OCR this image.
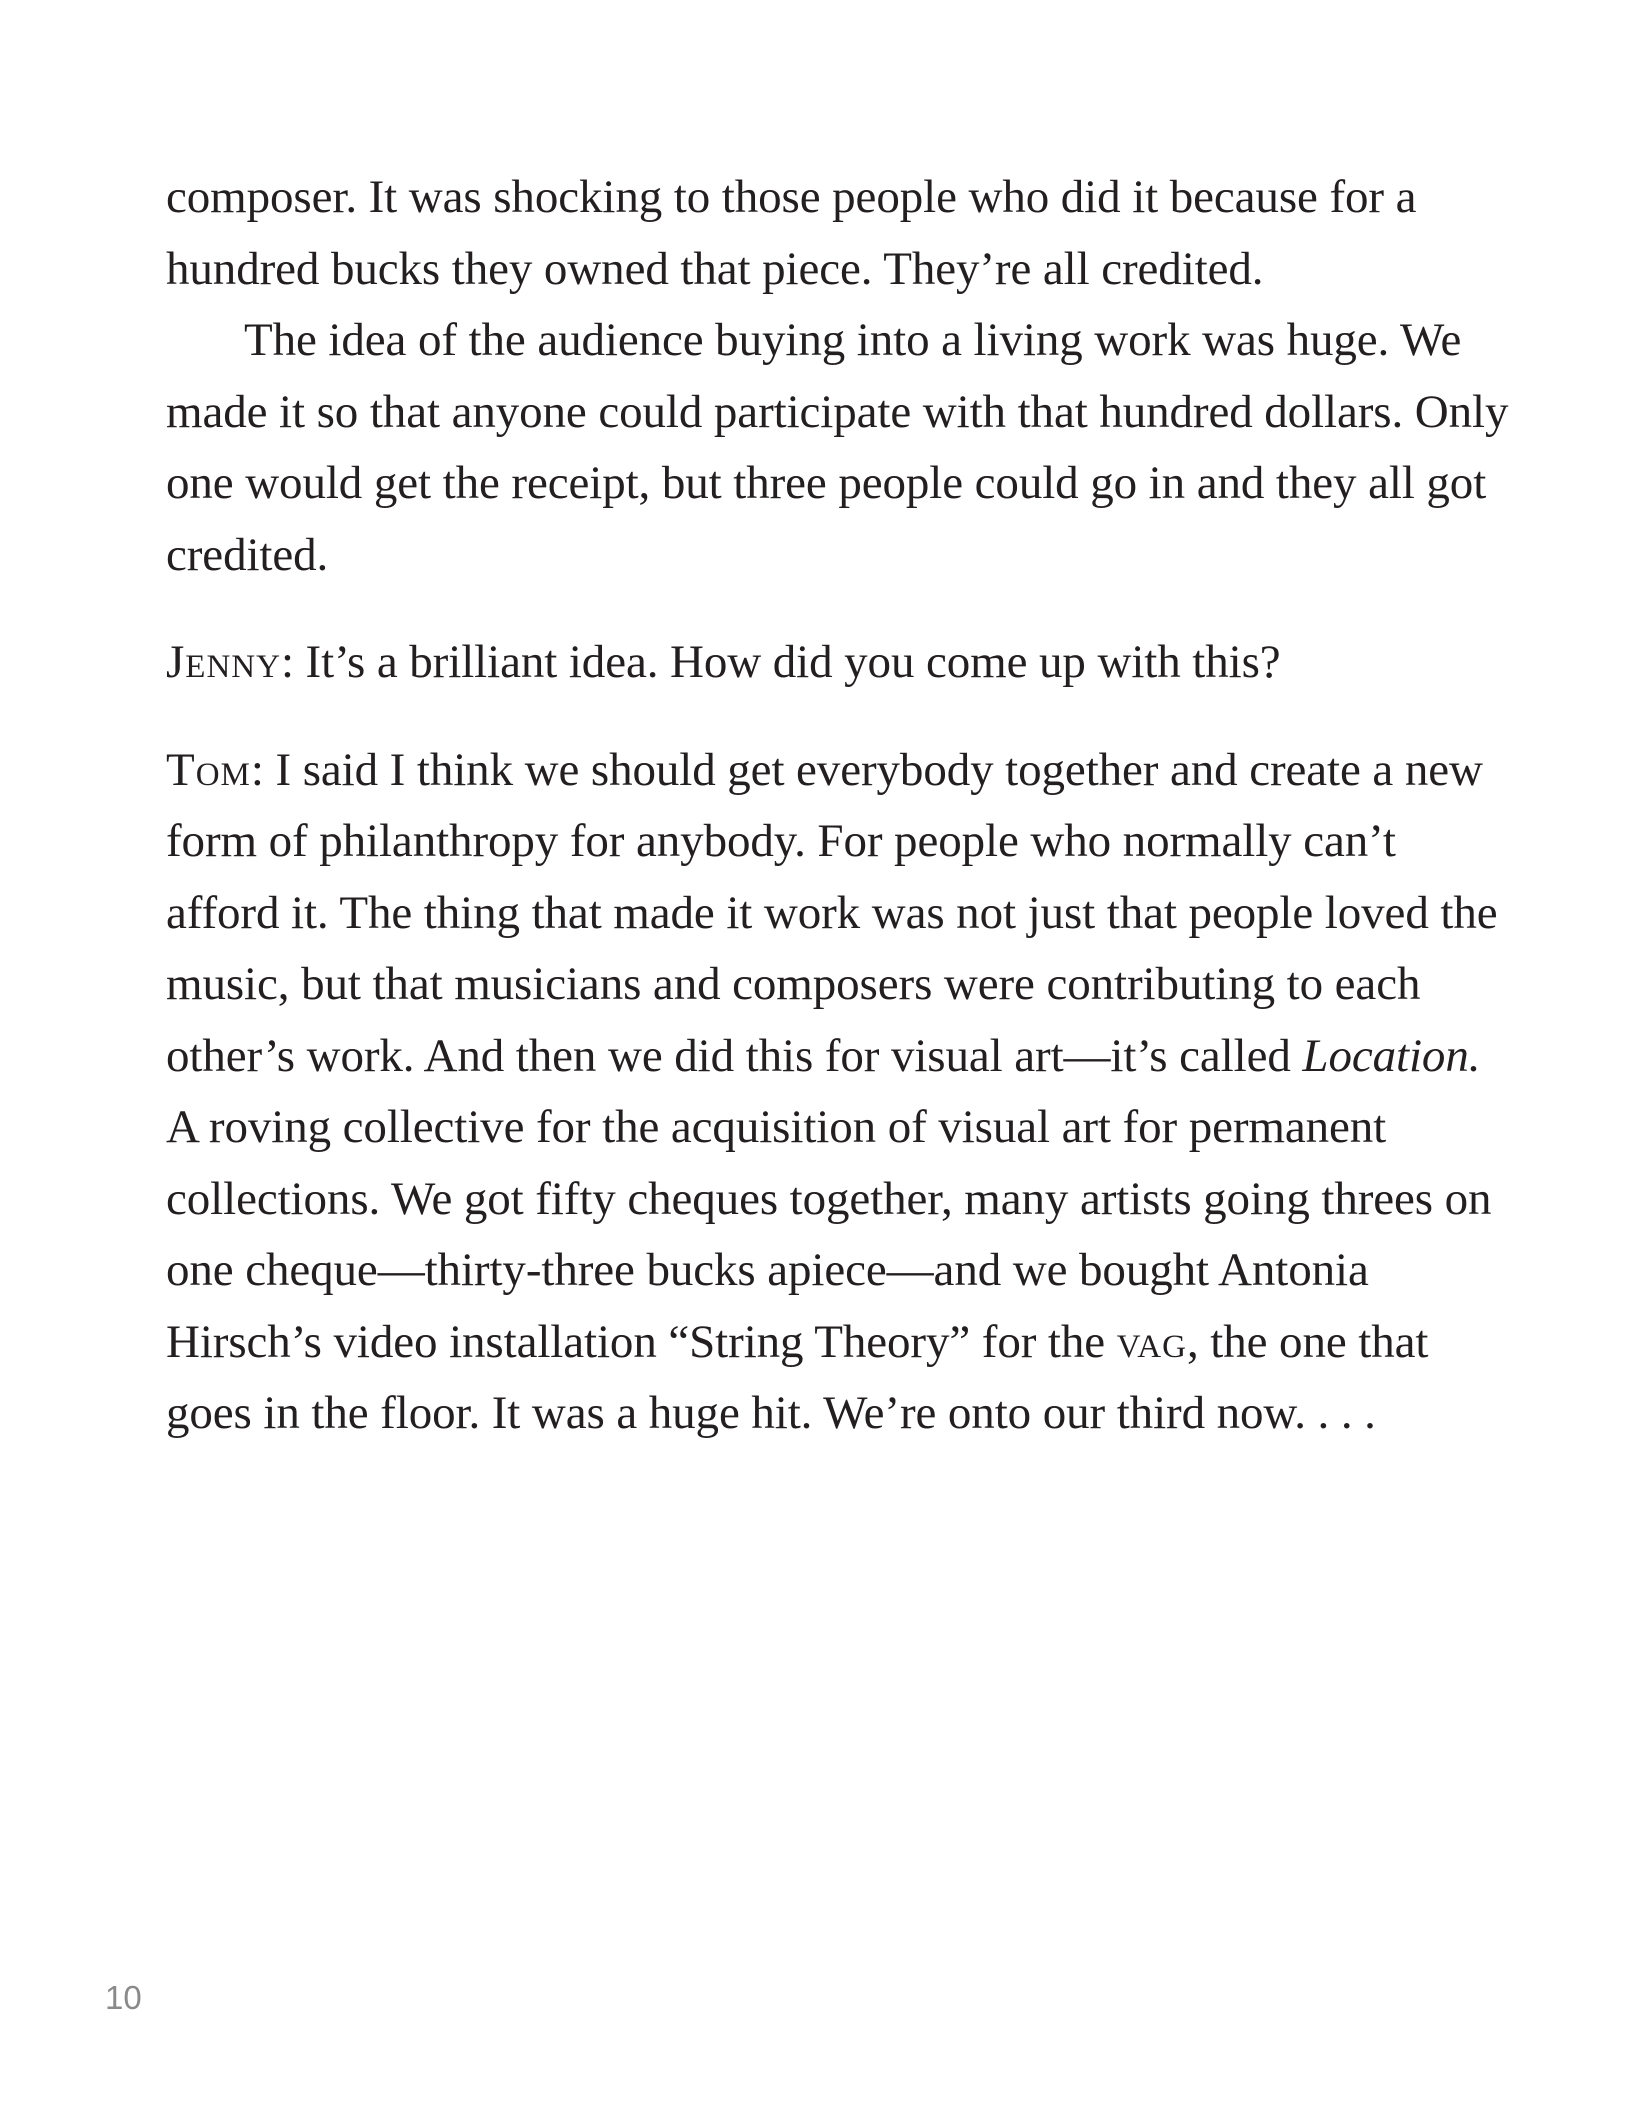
composer. It was shocking to those people who did it because for a hundred bucks they owned that piece. They’re all credited.

The idea of the audience buying into a living work was huge. We made it so that anyone could participate with that hundred dollars. Only one would get the receipt, but three people could go in and they all got credited.

Jenny: It’s a brilliant idea. How did you come up with this?

Tom: I said I think we should get everybody together and create a new form of philanthropy for anybody. For people who normally can’t afford it. The thing that made it work was not just that people loved the music, but that musicians and composers were contributing to each other’s work. And then we did this for visual art—it’s called Location. A roving collective for the acquisition of visual art for permanent collections. We got fifty cheques together, many artists going threes on one cheque—thirty-three bucks apiece—and we bought Antonia Hirsch’s video installation “String Theory” for the vag, the one that goes in the floor. It was a huge hit. We’re onto our third now. . . .

10
